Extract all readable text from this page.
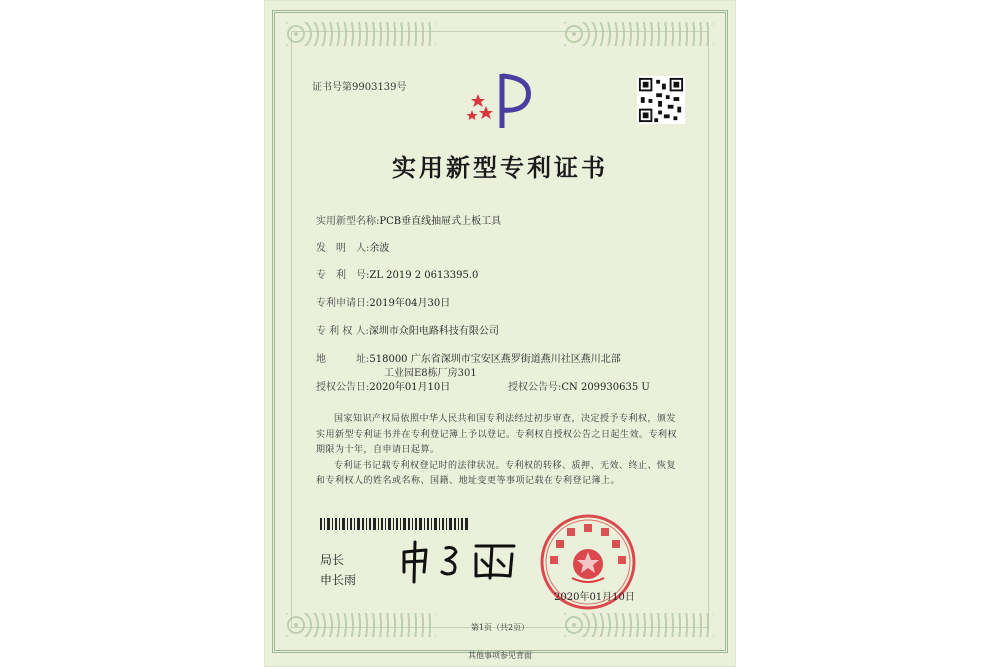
证书号第9903139号
实用新型专利证书
实用新型名称:PCB垂直线抽屉式上板工具
发　明　人:余波
专　利　号:ZL 2019 2 0613395.0
专利申请日:2019年04月30日
专 利 权 人:深圳市众阳电路科技有限公司
地　　　址:518000 广东省深圳市宝安区燕罗街道燕川社区燕川北部
工业园E8栋厂房301
授权公告日:2020年01月10日	授权公告号:CN 209930635 U

国家知识产权局依照中华人民共和国专利法经过初步审查，决定授予专利权，颁发实用新型专利证书并在专利登记簿上予以登记。专利权自授权公告之日起生效。专利权期限为十年，自申请日起算。

专利证书记载专利权登记时的法律状况。专利权的转移、质押、无效、终止、恢复和专利权人的姓名或名称、国籍、地址变更等事项记载在专利登记簿上。

局长
申长雨
2020年01月10日
第1页（共2页）
其他事项参见背面
